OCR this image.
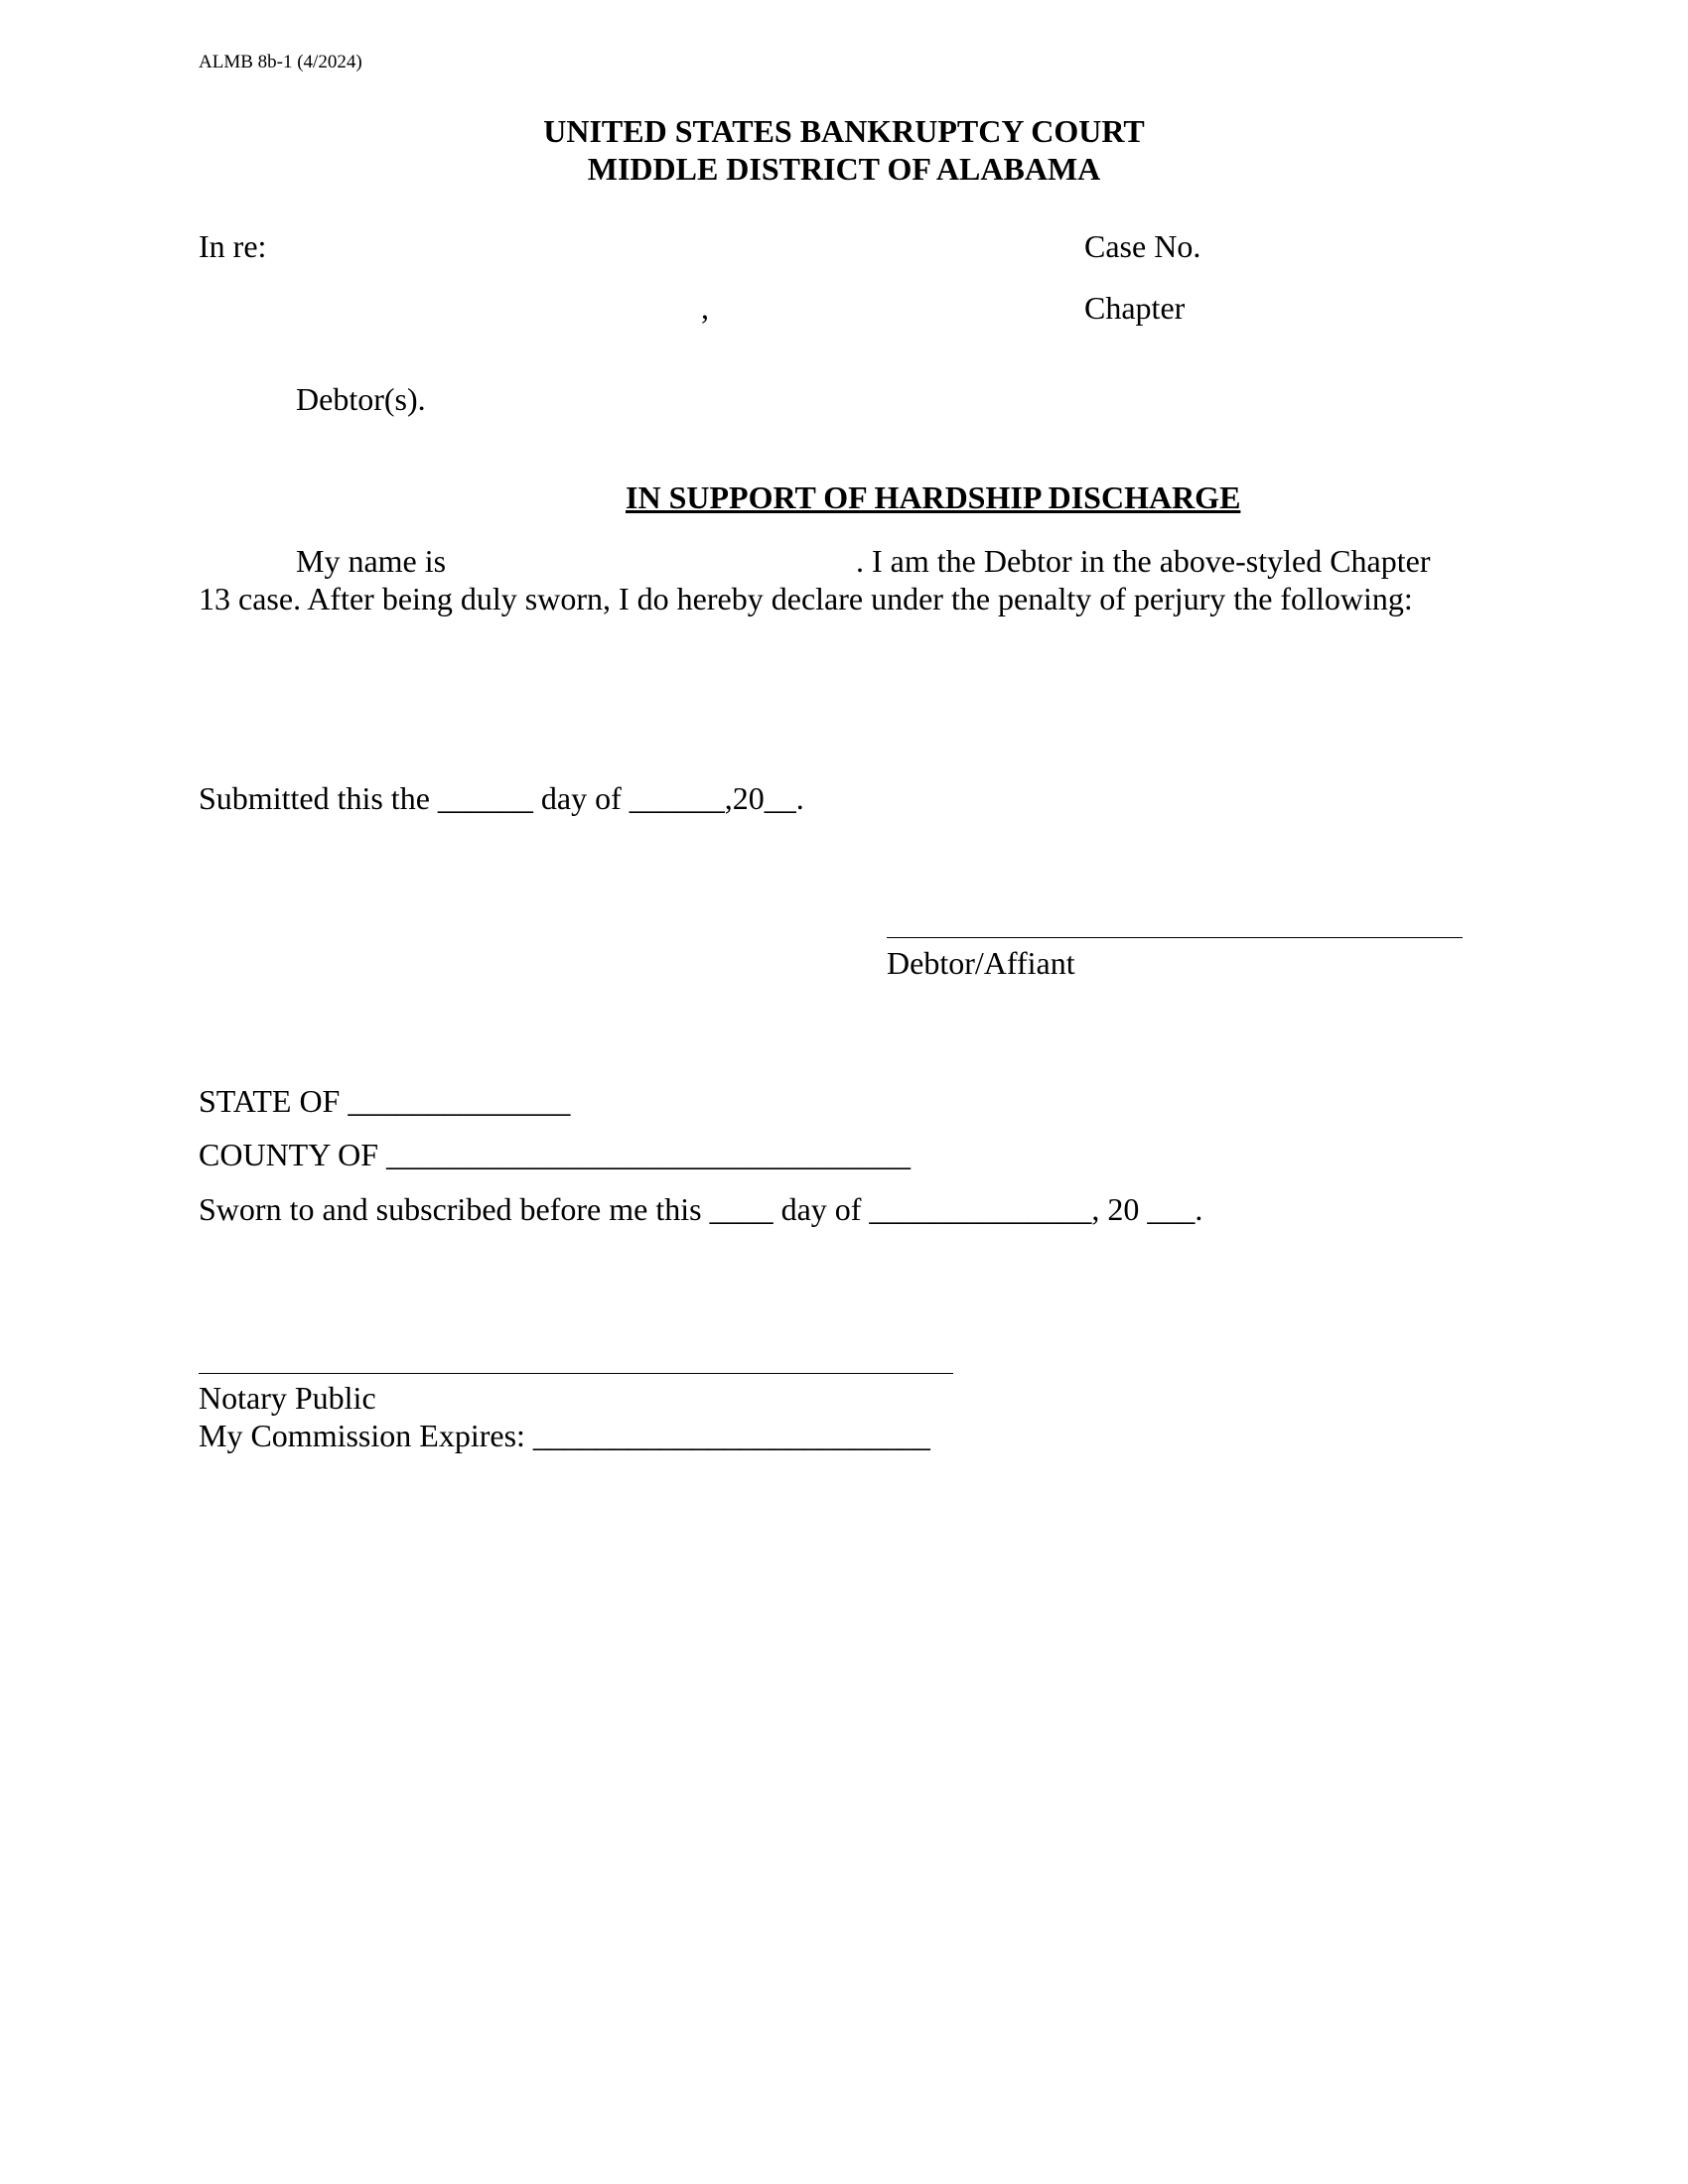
ALMB 8b-1 (4/2024)
UNITED STATES BANKRUPTCY COURT
MIDDLE DISTRICT OF ALABAMA
In re:	Case No.
,	Chapter
Debtor(s).
IN SUPPORT OF HARDSHIP DISCHARGE
My name is	. I am the Debtor in the above-styled Chapter
13 case. After being duly sworn, I do hereby declare under the penalty of perjury the following:
Submitted this the ______ day of ______,20__.
Debtor/Affiant
STATE OF ______________
COUNTY OF _________________________________
Sworn to and subscribed before me this ____ day of ______________, 20 ___.
Notary Public
My Commission Expires: _________________________
